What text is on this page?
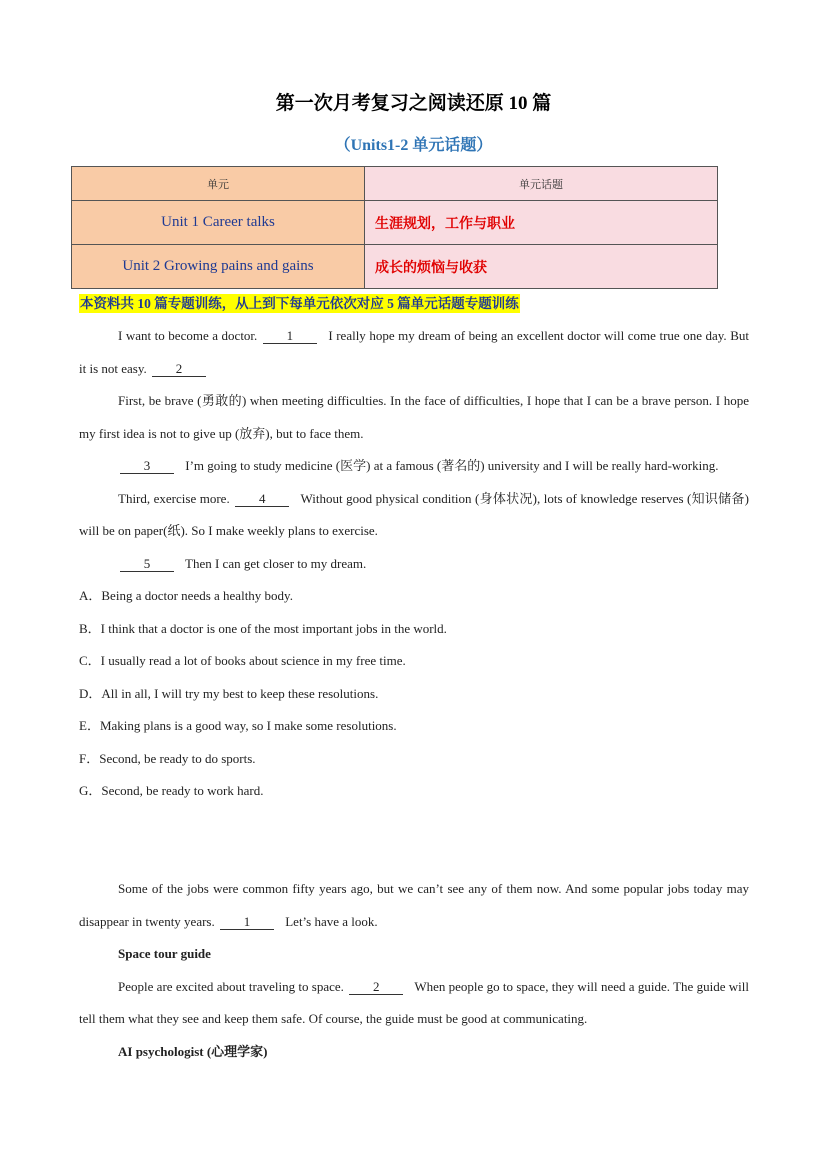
第一次月考复习之阅读还原 10 篇
（Units1-2 单元话题）
单元	单元话题
Unit 1 Career talks	生涯规划，工作与职业
Unit 2 Growing pains and gains	成长的烦恼与收获
本资料共 10 篇专题训练，从上到下每单元依次对应 5 篇单元话题专题训练

I want to become a doctor. 1	I really hope my dream of being an excellent doctor will come true one day. But it is not easy. 2

First, be brave (勇敢的) when meeting difficulties. In the face of difficulties, I hope that I can be a brave person. I hope my first idea is not to give up (放弃), but to face them.

3	I’m going to study medicine (医学) at a famous (著名的) university and I will be really hard-working.

Third, exercise more. 4	Without good physical condition (身体状况), lots of knowledge reserves (知识储备) will be on paper(纸). So I make weekly plans to exercise.

5	Then I can get closer to my dream.

A．Being a doctor needs a healthy body.

B．I think that a doctor is one of the most important jobs in the world.

C．I usually read a lot of books about science in my free time.

D．All in all, I will try my best to keep these resolutions.

E．Making plans is a good way, so I make some resolutions.

F．Second, be ready to do sports.

G．Second, be ready to work hard.

Some of the jobs were common fifty years ago, but we can’t see any of them now. And some popular jobs today may disappear in twenty years. 1	Let’s have a look.

Space tour guide

People are excited about traveling to space. 2	When people go to space, they will need a guide. The guide will tell them what they see and keep them safe. Of course, the guide must be good at communicating.

AI psychologist (心理学家)
